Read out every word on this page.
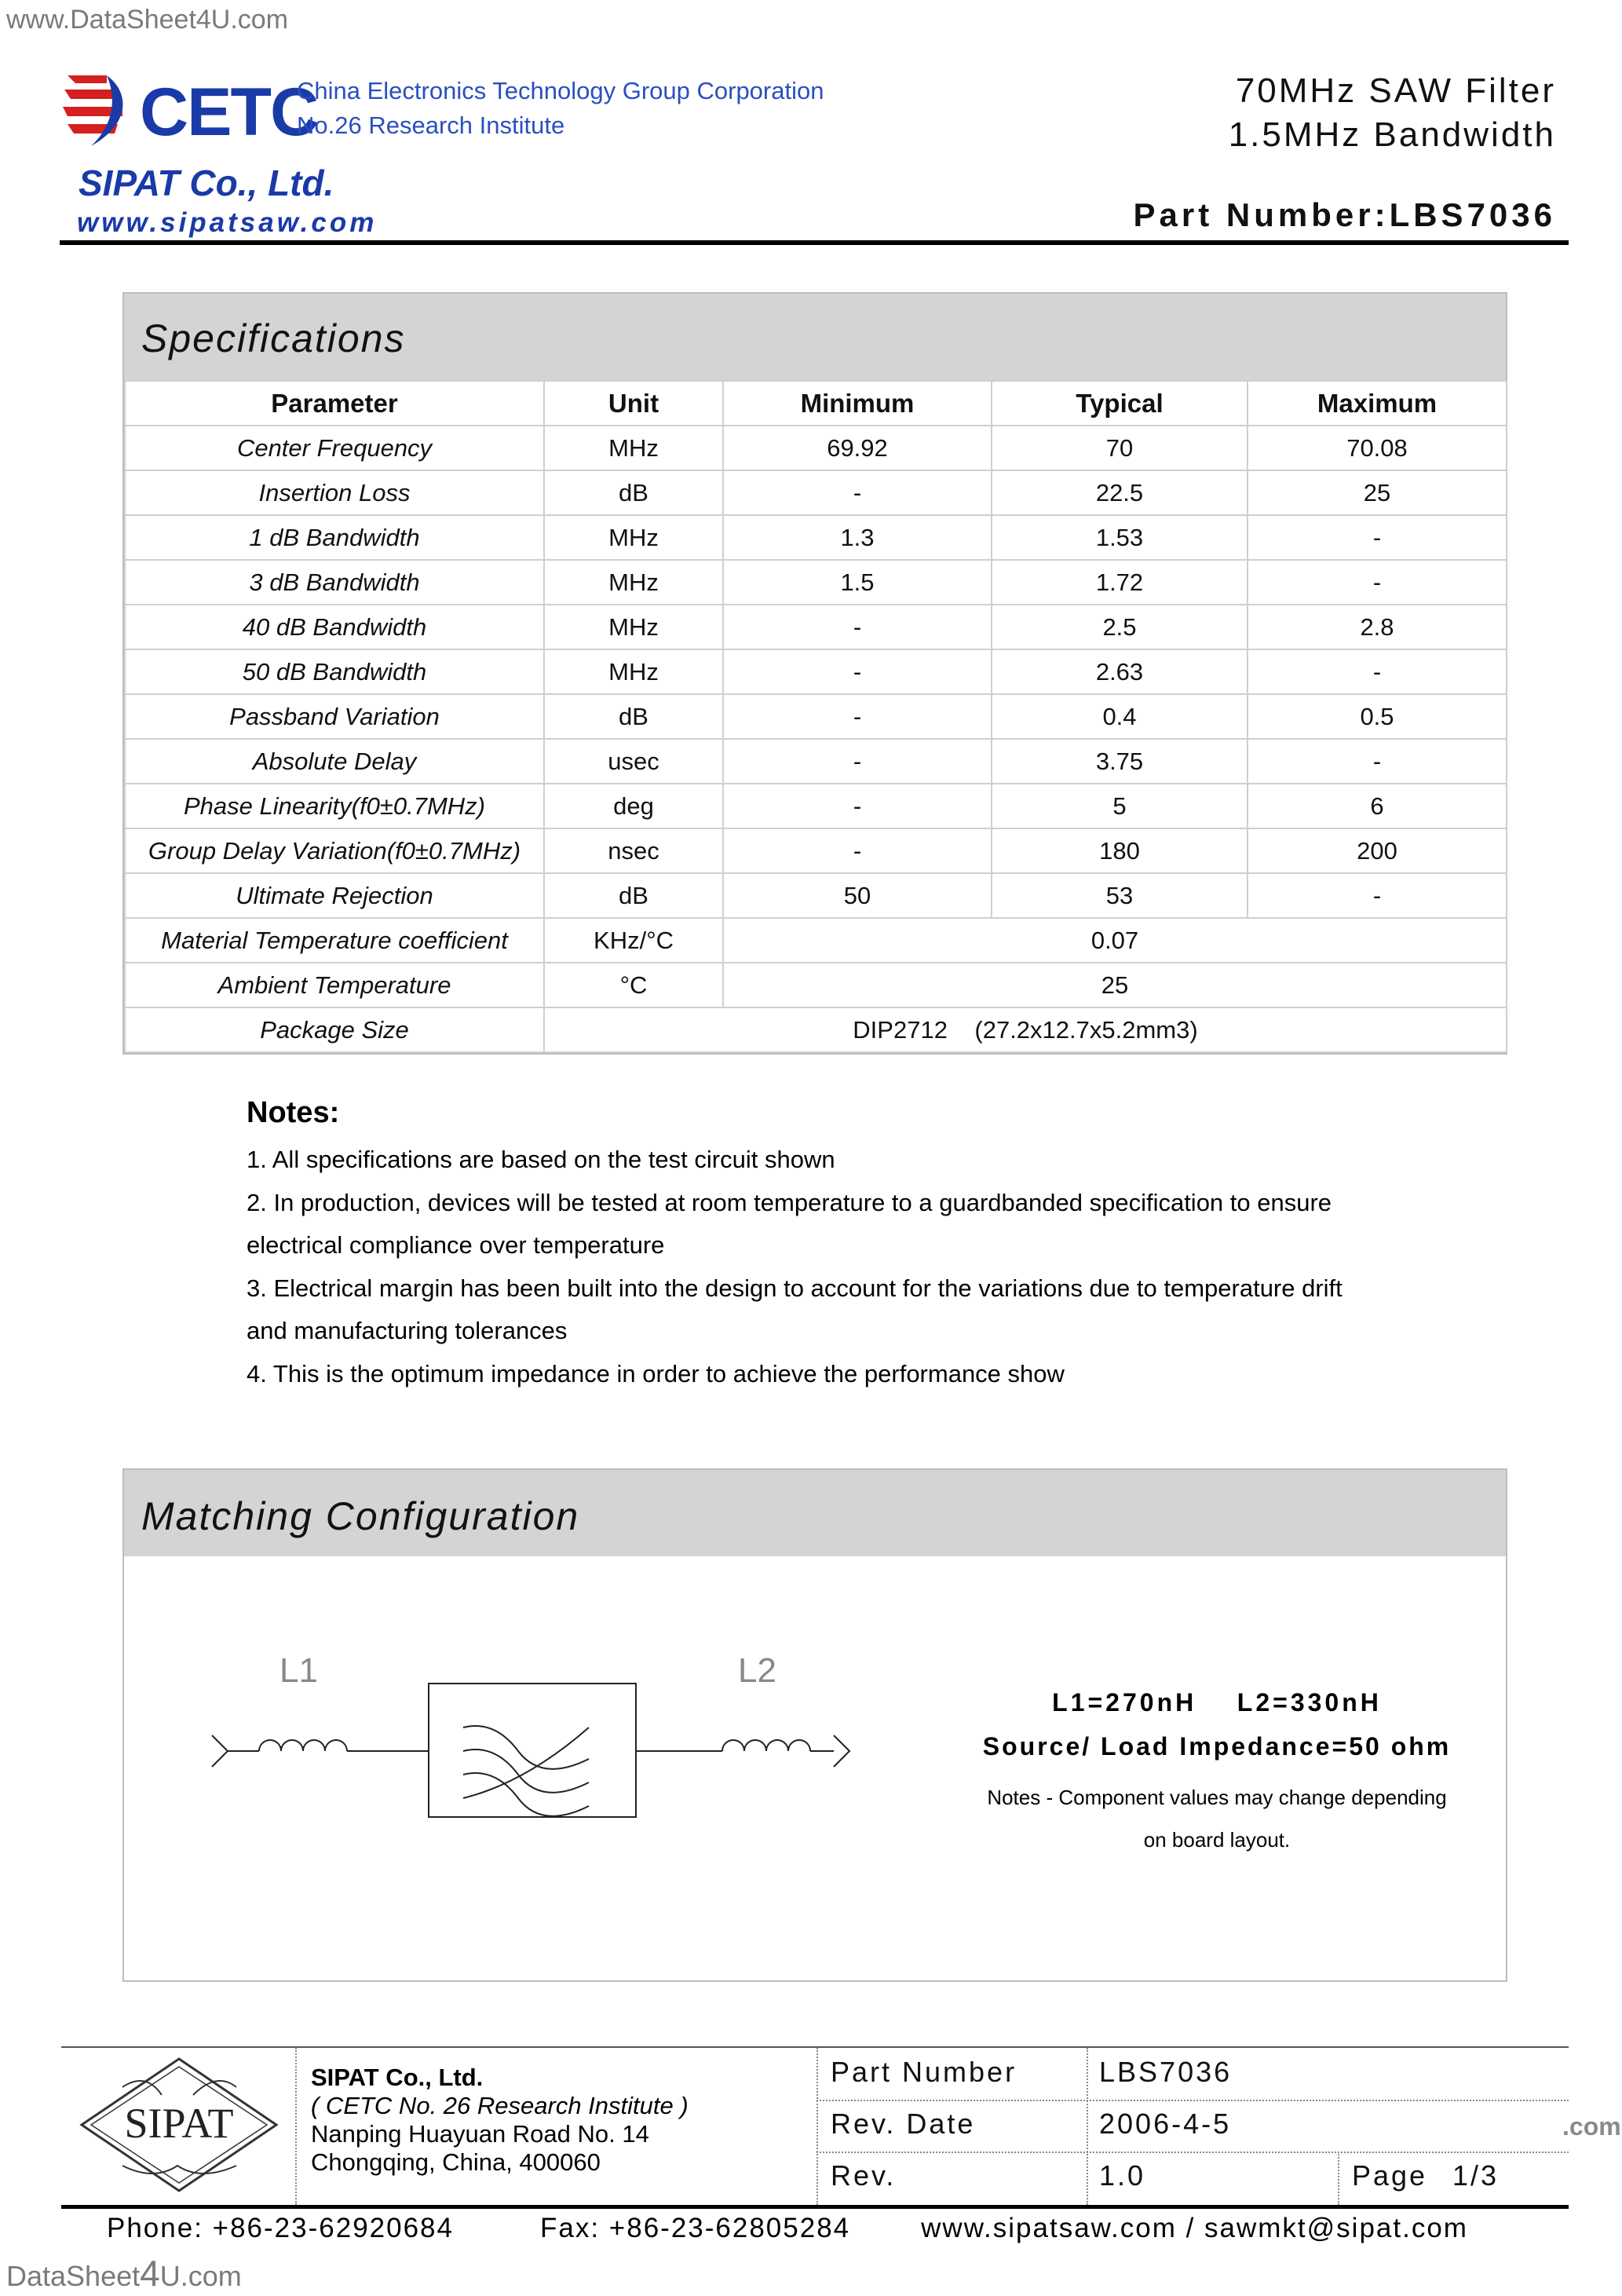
www.DataSheet4U.com
.com
DataSheet4U.com
CETC
China Electronics Technology Group Corporation
No.26 Research Institute
SIPAT Co., Ltd.
www.sipatsaw.com
70MHz SAW Filter
1.5MHz Bandwidth
Part Number:LBS7036
Specifications
Parameter	Unit	Minimum	Typical	Maximum
Center Frequency	MHz	69.92	70	70.08
Insertion Loss	dB	-	22.5	25
1 dB Bandwidth	MHz	1.3	1.53	-
3 dB Bandwidth	MHz	1.5	1.72	-
40 dB Bandwidth	MHz	-	2.5	2.8
50 dB Bandwidth	MHz	-	2.63	-
Passband Variation	dB	-	0.4	0.5
Absolute Delay	usec	-	3.75	-
Phase Linearity(f0±0.7MHz)	deg	-	5	6
Group Delay Variation(f0±0.7MHz)	nsec	-	180	200
Ultimate Rejection	dB	50	53	-
Material Temperature coefficient	KHz/°C	0.07		
Ambient Temperature	°C	25		
Package Size	DIP2712    (27.2x12.7x5.2mm3)			
Notes:
1. All specifications are based on the test circuit shown
2. In production, devices will be tested at room temperature to a guardbanded specification to ensure
electrical compliance over temperature
3. Electrical margin has been built into the design to account for the variations due to temperature drift
and manufacturing tolerances
4. This is the optimum impedance in order to achieve the performance show
Matching Configuration
L1	L2
L1=270nH    L2=330nH
Source/ Load Impedance=50 ohm
Notes - Component values may change depending
on board layout.
SIPAT
SIPAT Co., Ltd.
( CETC No. 26 Research Institute )
Nanping Huayuan Road No. 14
Chongqing, China, 400060
Part Number	LBS7036
Rev. Date	2006-4-5
Rev.	1.0	Page 1/3
Phone: +86-23-62920684	Fax: +86-23-62805284	www.sipatsaw.com / sawmkt@sipat.com
